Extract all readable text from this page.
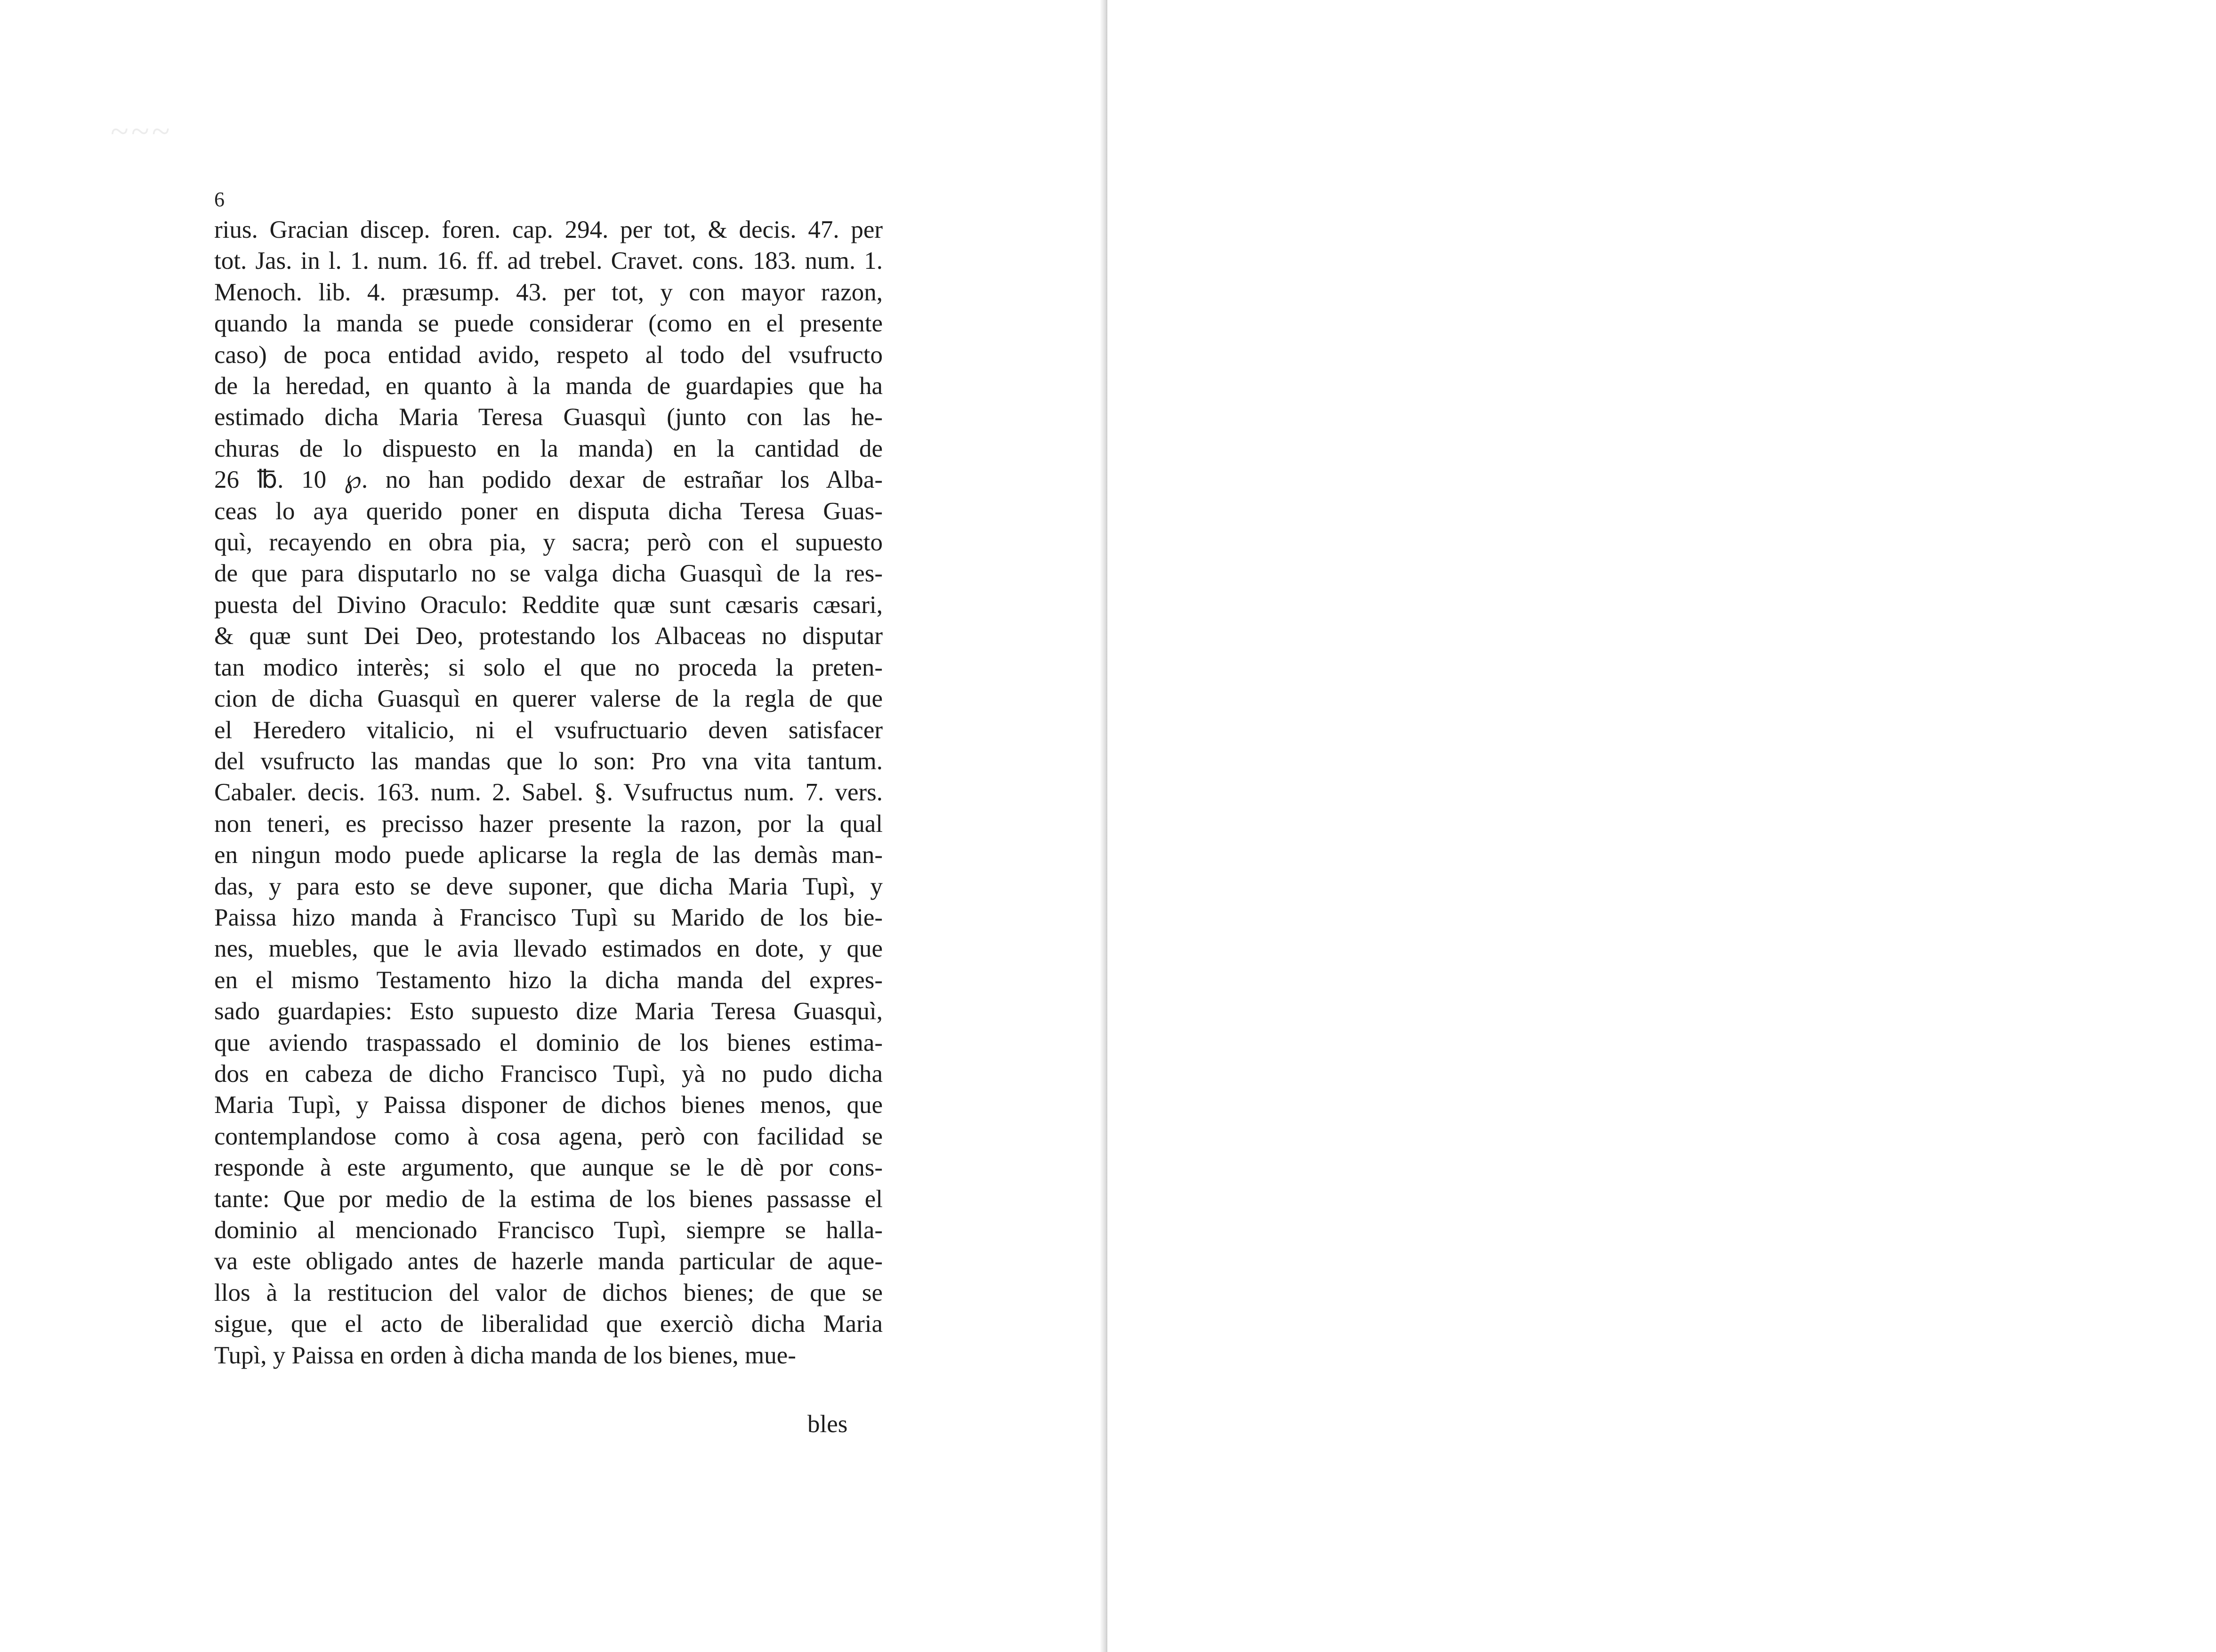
~~~
6
rius. Gracian discep. foren. cap. 294. per tot, & decis. 47. per
tot. Jas. in l. 1. num. 16. ff. ad trebel. Cravet. cons. 183. num. 1.
Menoch. lib. 4. præsump. 43. per tot, y con mayor razon,
quando la manda se puede considerar (como en el presente
caso) de poca entidad avido, respeto al todo del vsufructo
de la heredad, en quanto à la manda de guardapies que ha
estimado dicha Maria Teresa Guasquì (junto con las he-
churas de lo dispuesto en la manda) en la cantidad de
26 ℔. 10 ℘. no han podido dexar de estrañar los Alba-
ceas lo aya querido poner en disputa dicha Teresa Guas-
quì, recayendo en obra pia, y sacra; però con el supuesto
de que para disputarlo no se valga dicha Guasquì de la res-
puesta del Divino Oraculo: Reddite quæ sunt cæsaris cæsari,
& quæ sunt Dei Deo, protestando los Albaceas no disputar
tan modico interès; si solo el que no proceda la preten-
cion de dicha Guasquì en querer valerse de la regla de que
el Heredero vitalicio, ni el vsufructuario deven satisfacer
del vsufructo las mandas que lo son: Pro vna vita tantum.
Cabaler. decis. 163. num. 2. Sabel. §. Vsufructus num. 7. vers.
non teneri, es precisso hazer presente la razon, por la qual
en ningun modo puede aplicarse la regla de las demàs man-
das, y para esto se deve suponer, que dicha Maria Tupì, y
Paissa hizo manda à Francisco Tupì su Marido de los bie-
nes, muebles, que le avia llevado estimados en dote, y que
en el mismo Testamento hizo la dicha manda del expres-
sado guardapies: Esto supuesto dize Maria Teresa Guasquì,
que aviendo traspassado el dominio de los bienes estima-
dos en cabeza de dicho Francisco Tupì, yà no pudo dicha
Maria Tupì, y Paissa disponer de dichos bienes menos, que
contemplandose como à cosa agena, però con facilidad se
responde à este argumento, que aunque se le dè por cons-
tante: Que por medio de la estima de los bienes passasse el
dominio al mencionado Francisco Tupì, siempre se halla-
va este obligado antes de hazerle manda particular de aque-
llos à la restitucion del valor de dichos bienes; de que se
sigue, que el acto de liberalidad que exerciò dicha Maria
Tupì, y Paissa en orden à dicha manda de los bienes, mue-
bles
